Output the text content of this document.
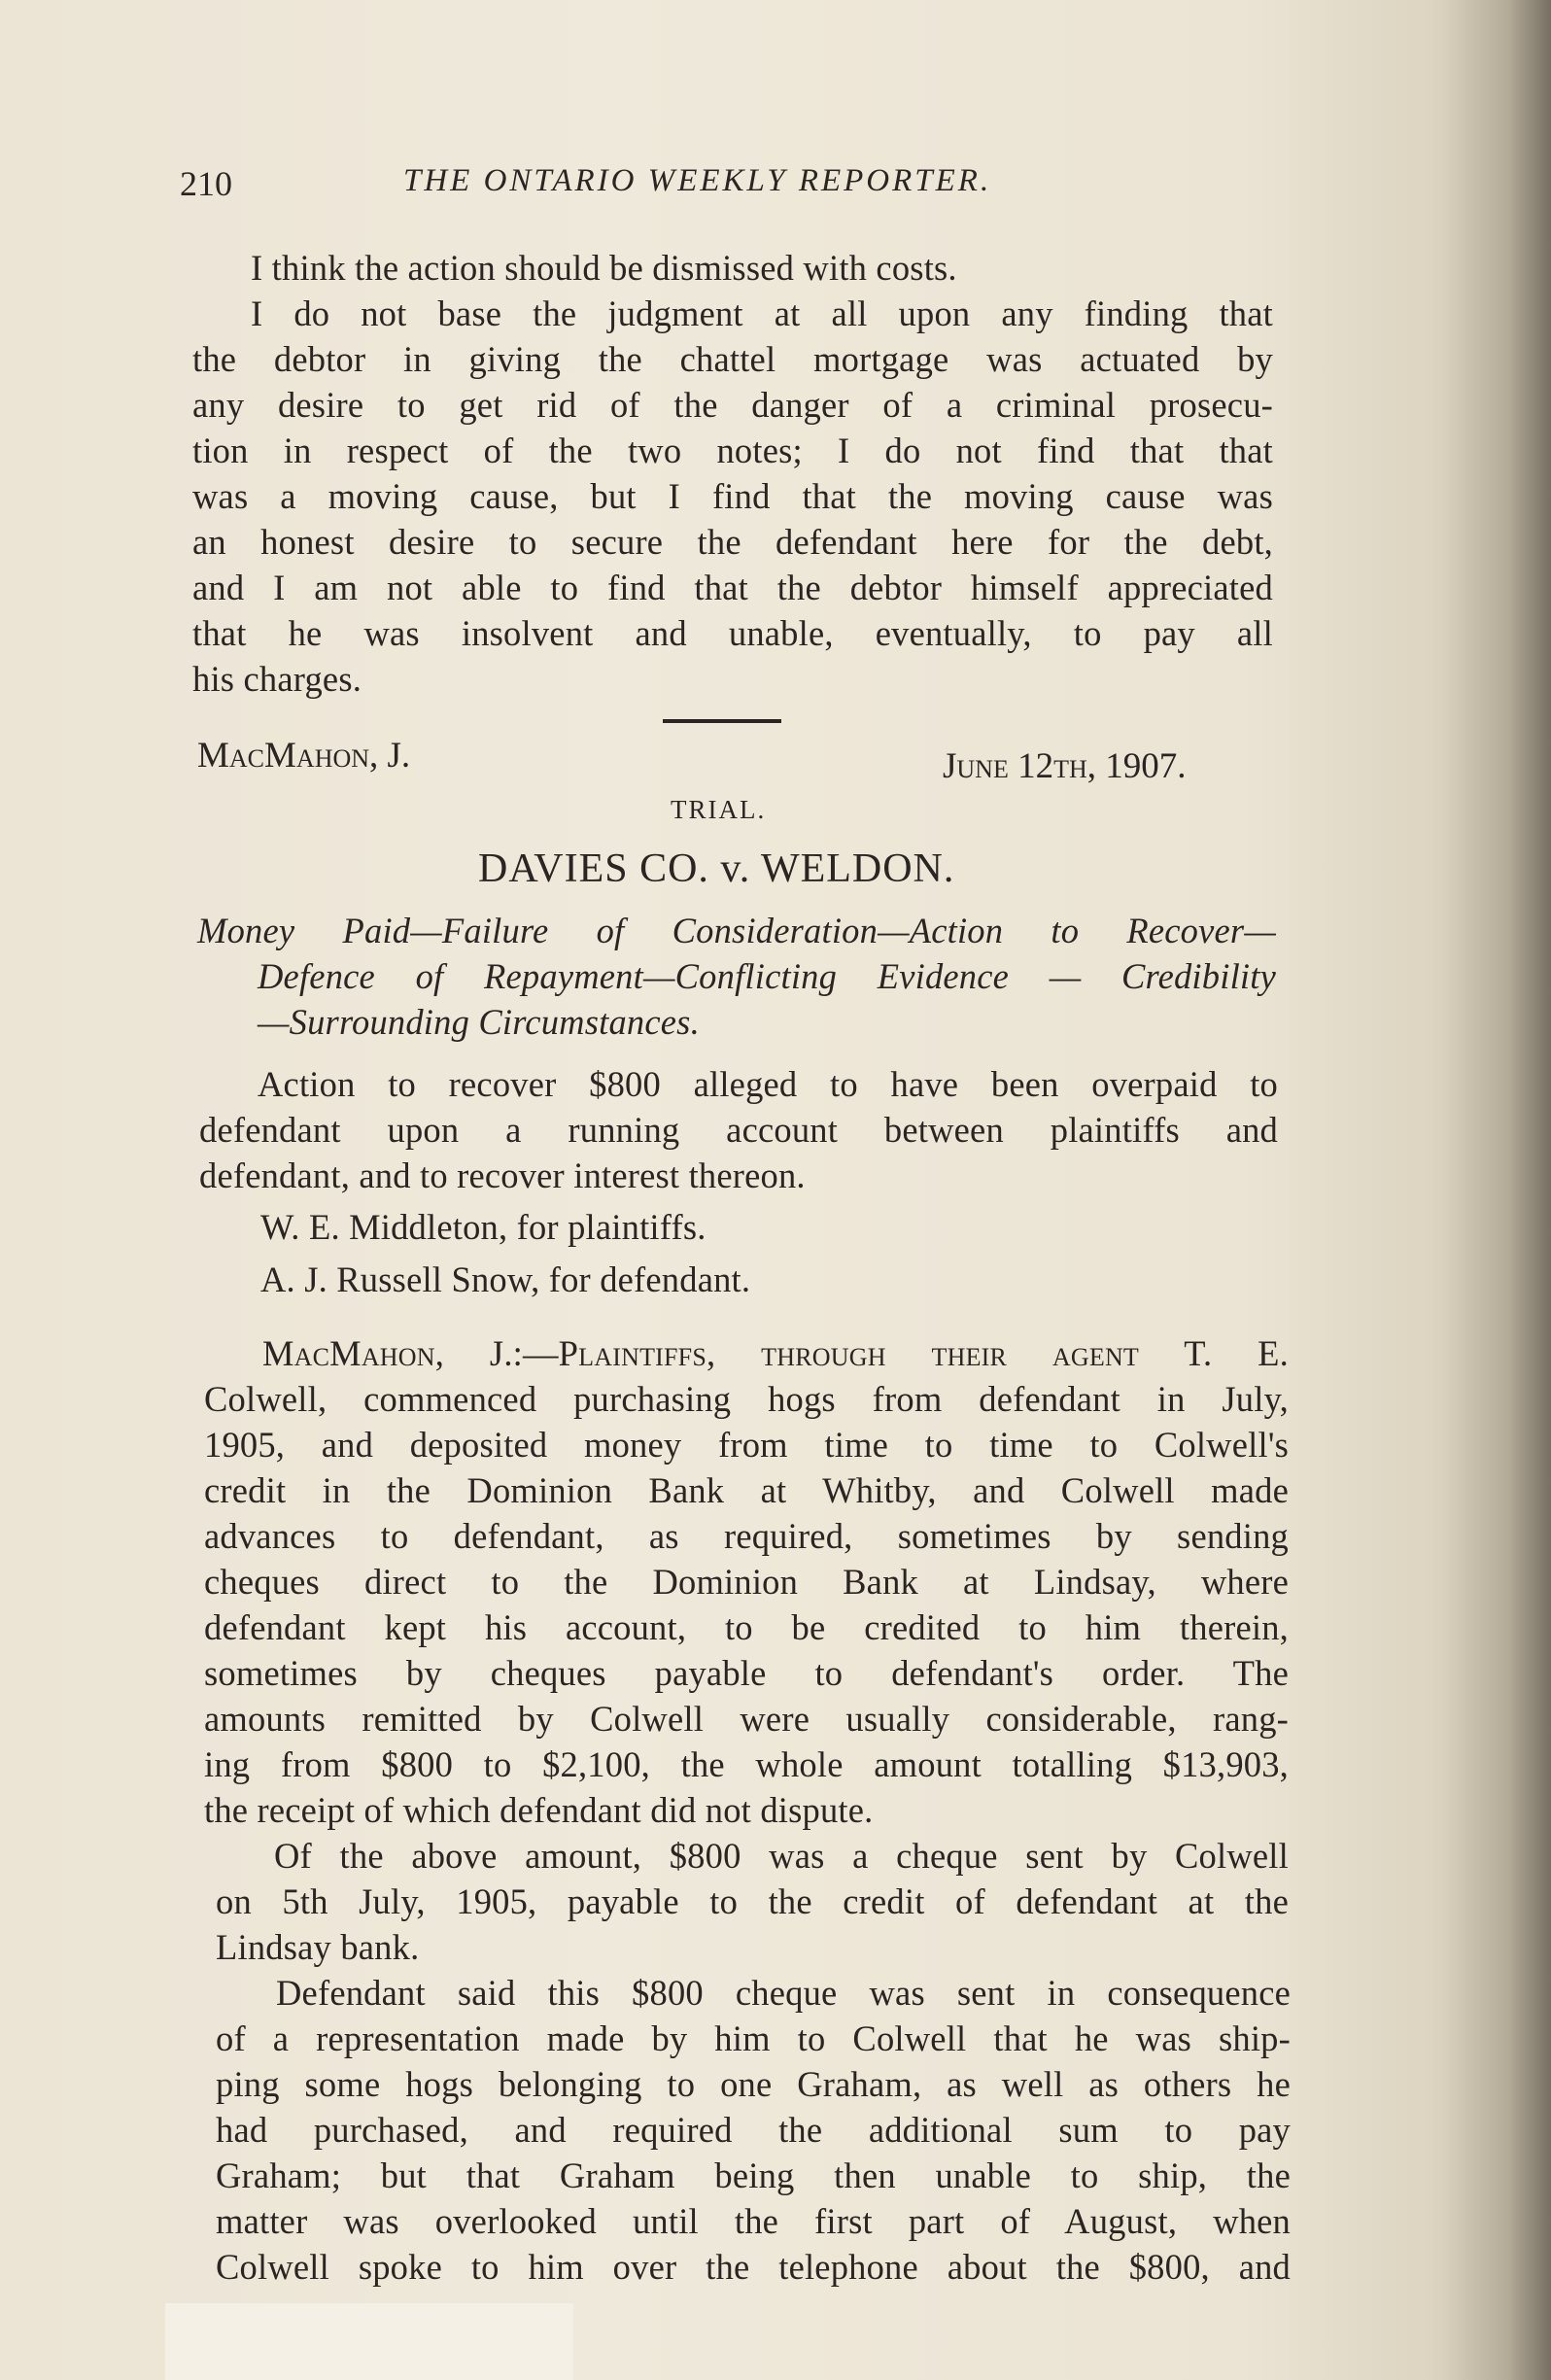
210	THE ONTARIO WEEKLY REPORTER.
I think the action should be dismissed with costs.
I do not base the judgment at all upon any finding that
the debtor in giving the chattel mortgage was actuated by
any desire to get rid of the danger of a criminal prosecu-
tion in respect of the two notes; I do not find that that
was a moving cause, but I find that the moving cause was
an honest desire to secure the defendant here for the debt,
and I am not able to find that the debtor himself appreciated
that he was insolvent and unable, eventually, to pay all
his charges.
MacMahon, J.	June 12th, 1907.
TRIAL.
DAVIES CO. v. WELDON.
Money Paid—Failure of Consideration—Action to Recover—
Defence of Repayment—Conflicting Evidence — Credibility
—Surrounding Circumstances.
Action to recover $800 alleged to have been overpaid to
defendant upon a running account between plaintiffs and
defendant, and to recover interest thereon.
W. E. Middleton, for plaintiffs.
A. J. Russell Snow, for defendant.
MacMahon, J.:—Plaintiffs, through their agent T. E.
Colwell, commenced purchasing hogs from defendant in July,
1905, and deposited money from time to time to Colwell's
credit in the Dominion Bank at Whitby, and Colwell made
advances to defendant, as required, sometimes by sending
cheques direct to the Dominion Bank at Lindsay, where
defendant kept his account, to be credited to him therein,
sometimes by cheques payable to defendant's order. The
amounts remitted by Colwell were usually considerable, rang-
ing from $800 to $2,100, the whole amount totalling $13,903,
the receipt of which defendant did not dispute.
Of the above amount, $800 was a cheque sent by Colwell
on 5th July, 1905, payable to the credit of defendant at the
Lindsay bank.
Defendant said this $800 cheque was sent in consequence
of a representation made by him to Colwell that he was ship-
ping some hogs belonging to one Graham, as well as others he
had purchased, and required the additional sum to pay
Graham; but that Graham being then unable to ship, the
matter was overlooked until the first part of August, when
Colwell spoke to him over the telephone about the $800, and
